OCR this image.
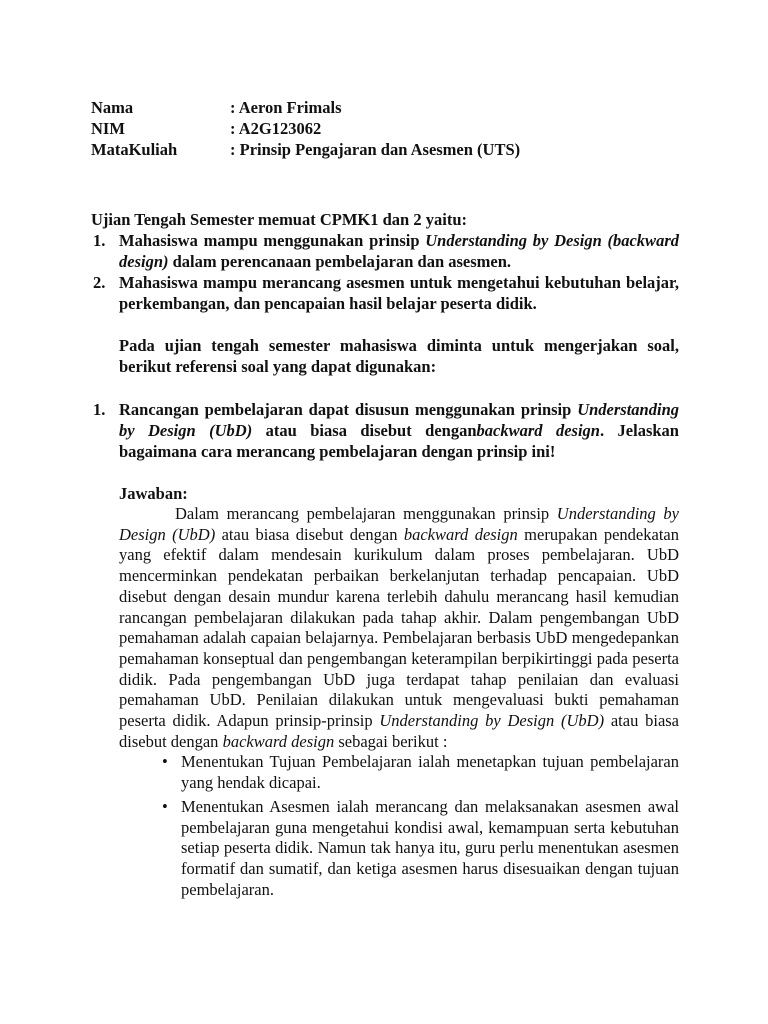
Nama	: Aeron Frimals
NIM	: A2G123062
MataKuliah	: Prinsip Pengajaran dan Asesmen (UTS)

Ujian Tengah Semester memuat CPMK1 dan 2 yaitu:

1. Mahasiswa mampu menggunakan prinsip Understanding by Design (backward design) dalam perencanaan pembelajaran dan asesmen.
2. Mahasiswa mampu merancang asesmen untuk mengetahui kebutuhan belajar, perkembangan, dan pencapaian hasil belajar peserta didik.

Pada ujian tengah semester mahasiswa diminta untuk mengerjakan soal, berikut referensi soal yang dapat digunakan:

1. Rancangan pembelajaran dapat disusun menggunakan prinsip Understanding by Design (UbD) atau biasa disebut denganbackward design. Jelaskan bagaimana cara merancang pembelajaran dengan prinsip ini!
Jawaban:
Dalam merancang pembelajaran menggunakan prinsip Understanding by Design (UbD) atau biasa disebut dengan backward design merupakan pendekatan yang efektif dalam mendesain kurikulum dalam proses pembelajaran. UbD mencerminkan pendekatan perbaikan berkelanjutan terhadap pencapaian. UbD disebut dengan desain mundur karena terlebih dahulu merancang hasil kemudian rancangan pembelajaran dilakukan pada tahap akhir. Dalam pengembangan UbD pemahaman adalah capaian belajarnya. Pembelajaran berbasis UbD mengedepankan pemahaman konseptual dan pengembangan keterampilan berpikirtinggi pada peserta didik. Pada pengembangan UbD juga terdapat tahap penilaian dan evaluasi pemahaman UbD. Penilaian dilakukan untuk mengevaluasi bukti pemahaman peserta didik. Adapun prinsip-prinsip Understanding by Design (UbD) atau biasa disebut dengan backward design sebagai berikut :
• Menentukan Tujuan Pembelajaran ialah menetapkan tujuan pembelajaran yang hendak dicapai.
• Menentukan Asesmen ialah merancang dan melaksanakan asesmen awal pembelajaran guna mengetahui kondisi awal, kemampuan serta kebutuhan setiap peserta didik. Namun tak hanya itu, guru perlu menentukan asesmen formatif dan sumatif, dan ketiga asesmen harus disesuaikan dengan tujuan pembelajaran.
